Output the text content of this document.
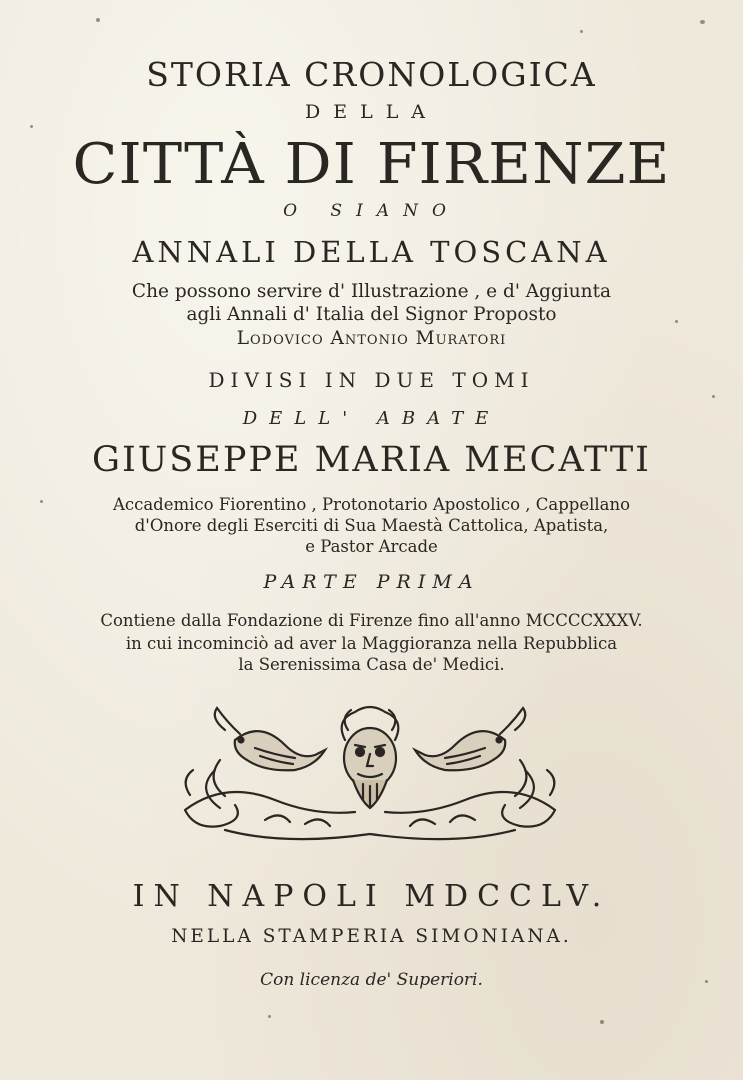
STORIA CRONOLOGICA
DELLA
CITTÀ DI FIRENZE
O SIANO
ANNALI DELLA TOSCANA
Che possono servire d' Illustrazione , e d' Aggiunta
agli Annali d' Italia del Signor Proposto
Lodovico Antonio Muratori
DIVISI IN DUE TOMI
DELL' ABATE
GIUSEPPE MARIA MECATTI
Accademico Fiorentino , Protonotario Apostolico , Cappellano
d'Onore degli Eserciti di Sua Maestà Cattolica, Apatista,
e Pastor Arcade
PARTE PRIMA
Contiene dalla Fondazione di Firenze fino all'anno MCCCCXXXV.
in cui incominciò ad aver la Maggioranza nella Repubblica
la Serenissima Casa de' Medici.
IN NAPOLI MDCCLV.
NELLA STAMPERIA SIMONIANA.
Con licenza de' Superiori.
